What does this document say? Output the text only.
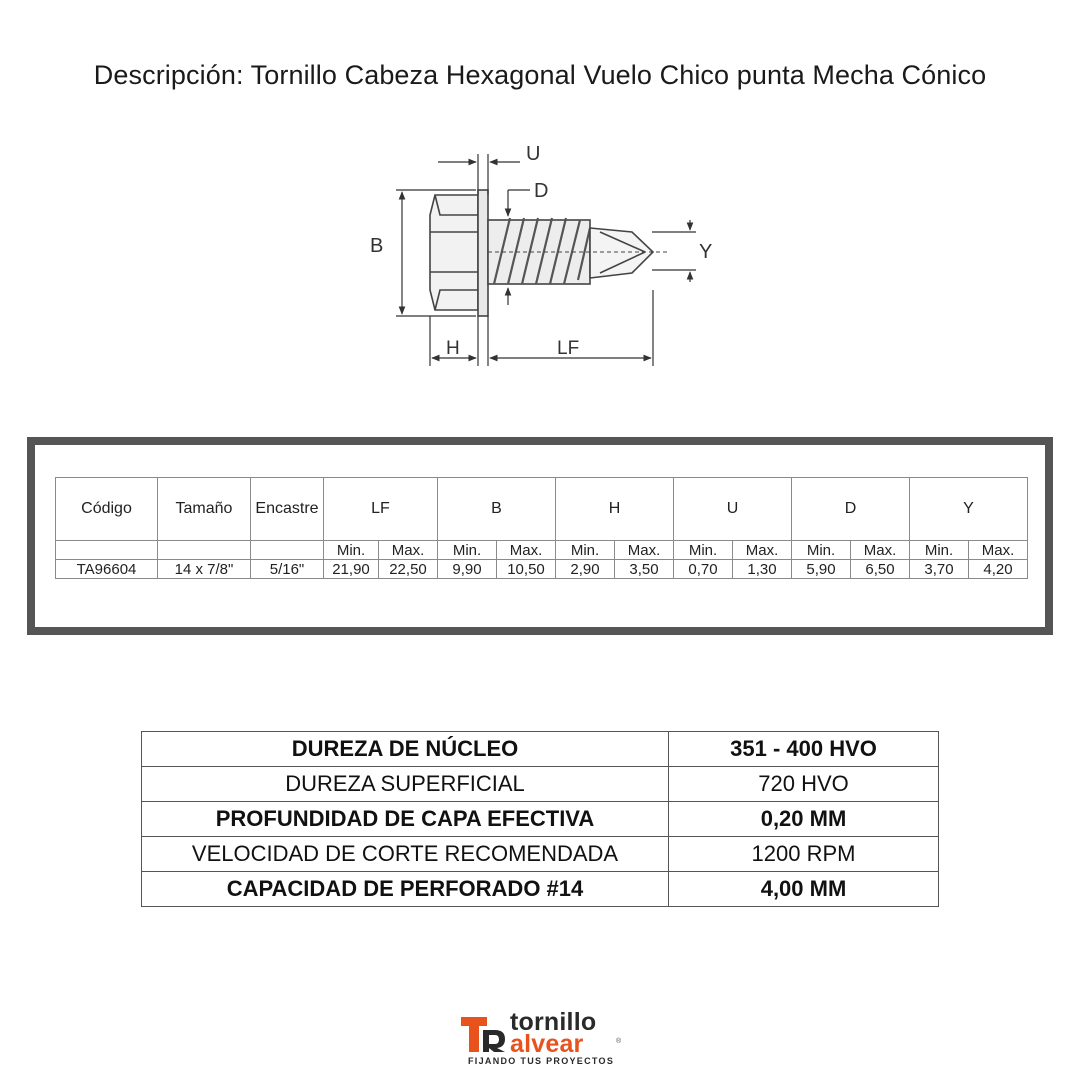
Descripción: Tornillo Cabeza Hexagonal Vuelo Chico punta Mecha Cónico
U
D
B	Y
H	LF
Código	Tamaño	Encastre	LF		B		H		U		D		Y	
			Min.	Max.	Min.	Max.	Min.	Max.	Min.	Max.	Min.	Max.	Min.	Max.
TA96604	14 x 7/8"	5/16"	21,90	22,50	9,90	10,50	2,90	3,50	0,70	1,30	5,90	6,50	3,70	4,20
DUREZA DE NÚCLEO	351 - 400 HVO
DUREZA SUPERFICIAL	720 HVO
PROFUNDIDAD DE CAPA EFECTIVA	0,20 MM
VELOCIDAD DE CORTE RECOMENDADA	1200 RPM
CAPACIDAD DE PERFORADO #14	4,00 MM
tornillo
alvear	®
FIJANDO TUS PROYECTOS
